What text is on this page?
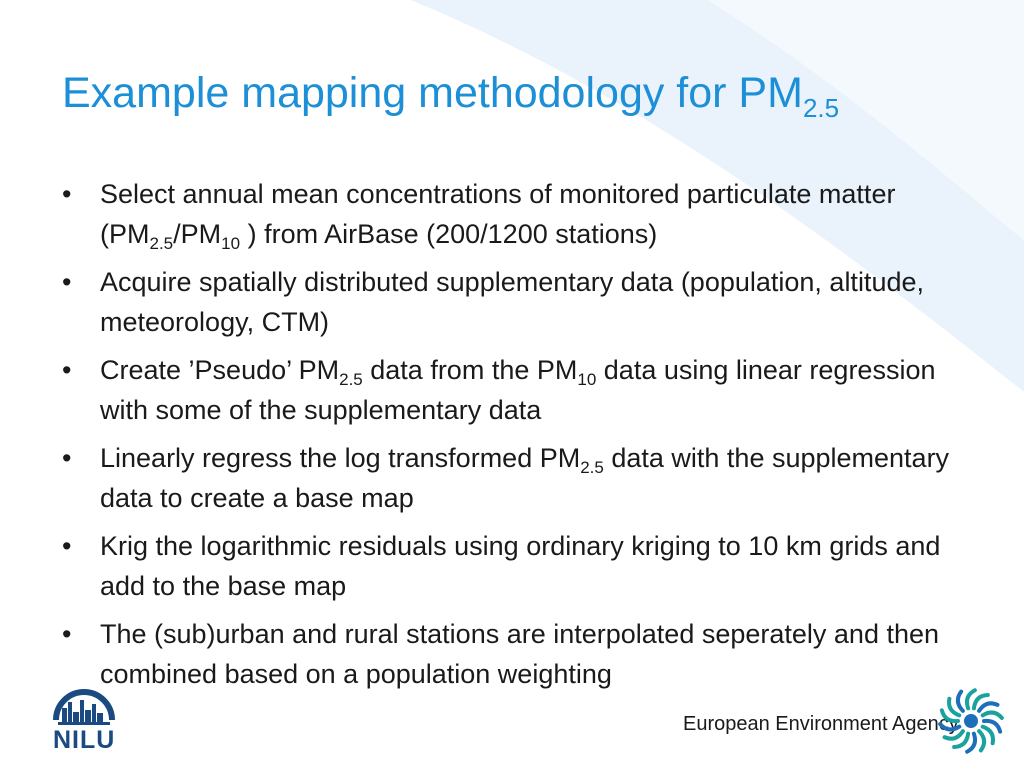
Example mapping methodology for $PM_{2.5}$
• Select annual mean concentrations of monitored particulate matter ($PM_{2.5}/PM_{10}$ ) from AirBase (200/1200 stations)
• Acquire spatially distributed supplementary data (population, altitude, meteorology, CTM)
• Create ’Pseudo’ $PM_{2.5}$ data from the $PM_{10}$ data using linear regression with some of the supplementary data
• Linearly regress the log transformed $PM_{2.5}$ data with the supplementary data to create a base map
• Krig the logarithmic residuals using ordinary kriging to 10 km grids and add to the base map
• The (sub)urban and rural stations are interpolated seperately and then combined based on a population weighting
NILU
European Environment Agency
